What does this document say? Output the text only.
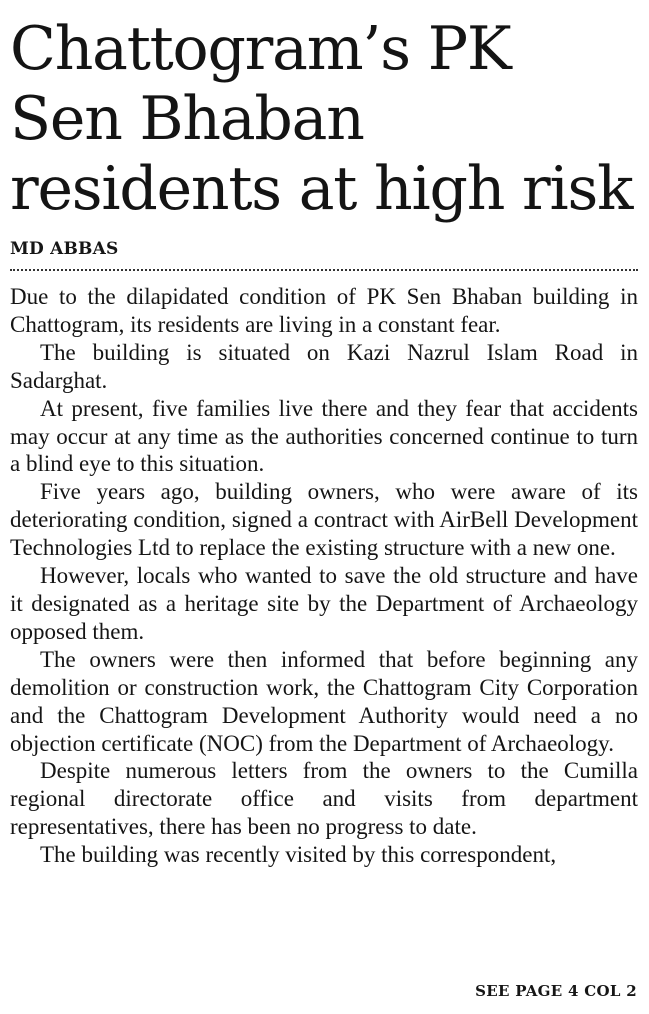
Chattogram’s PK Sen Bhaban residents at high risk
MD ABBAS

Due to the dilapidated condition of PK Sen Bhaban building in Chattogram, its residents are living in a constant fear.

The building is situated on Kazi Nazrul Islam Road in Sadarghat.

At present, five families live there and they fear that accidents may occur at any time as the authorities concerned continue to turn a blind eye to this situation.

Five years ago, building owners, who were aware of its deteriorating condition, signed a contract with AirBell Development Technologies Ltd to replace the existing structure with a new one.

However, locals who wanted to save the old structure and have it designated as a heritage site by the Department of Archaeology opposed them.

The owners were then informed that before beginning any demolition or construction work, the Chattogram City Corporation and the Chattogram Development Authority would need a no objection certificate (NOC) from the Department of Archaeology.

Despite numerous letters from the owners to the Cumilla regional directorate office and visits from department representatives, there has been no progress to date.

The building was recently visited by this correspondent,

SEE PAGE 4 COL 2
